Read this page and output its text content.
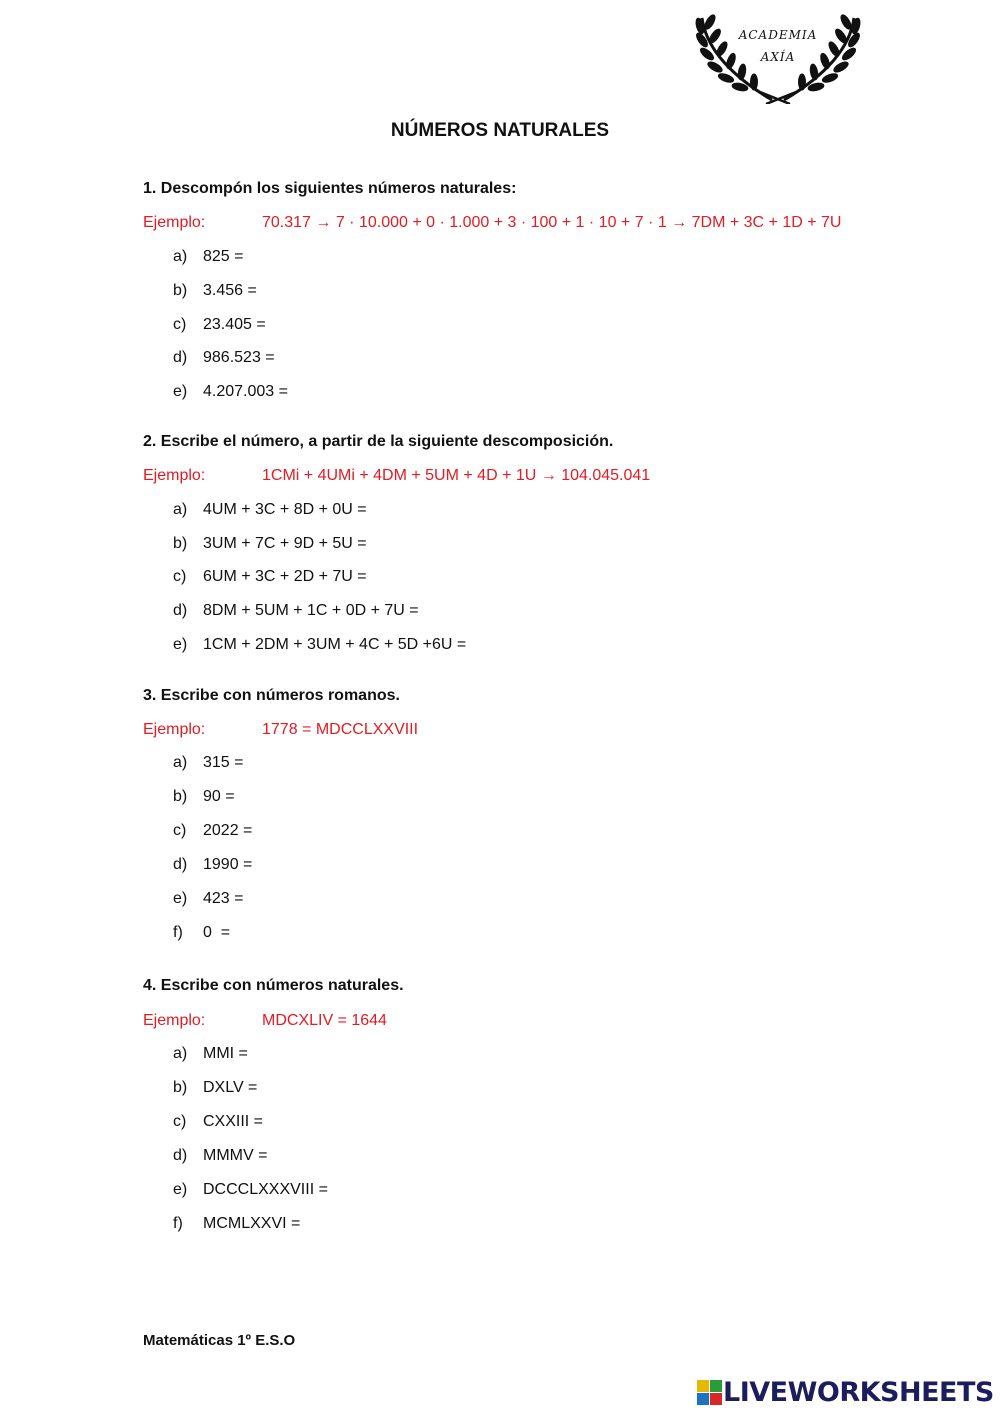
ACADEMIA
AXÍA
NÚMEROS NATURALES
1. Descompón los siguientes números naturales:
Ejemplo:	70.317 → 7 · 10.000 + 0 · 1.000 + 3 · 100 + 1 · 10 + 7 · 1 → 7DM + 3C + 1D + 7U
a) 825 =
b) 3.456 =
c) 23.405 =
d) 986.523 =
e) 4.207.003 =
2. Escribe el número, a partir de la siguiente descomposición.
Ejemplo:	1CMi + 4UMi + 4DM + 5UM + 4D + 1U → 104.045.041
a) 4UM + 3C + 8D + 0U =
b) 3UM + 7C + 9D + 5U =
c) 6UM + 3C + 2D + 7U =
d) 8DM + 5UM + 1C + 0D + 7U =
e) 1CM + 2DM + 3UM + 4C + 5D +6U =
3. Escribe con números romanos.
Ejemplo:	1778 = MDCCLXXVIII
a) 315 =
b) 90 =
c) 2022 =
d) 1990 =
e) 423 =
f) 0  =
4. Escribe con números naturales.
Ejemplo:	MDCXLIV = 1644
a) MMI =
b) DXLV =
c) CXXIII =
d) MMMV =
e) DCCCLXXXVIII =
f) MCMLXXVI =
Matemáticas 1º E.S.O
LIVEWORKSHEETS
